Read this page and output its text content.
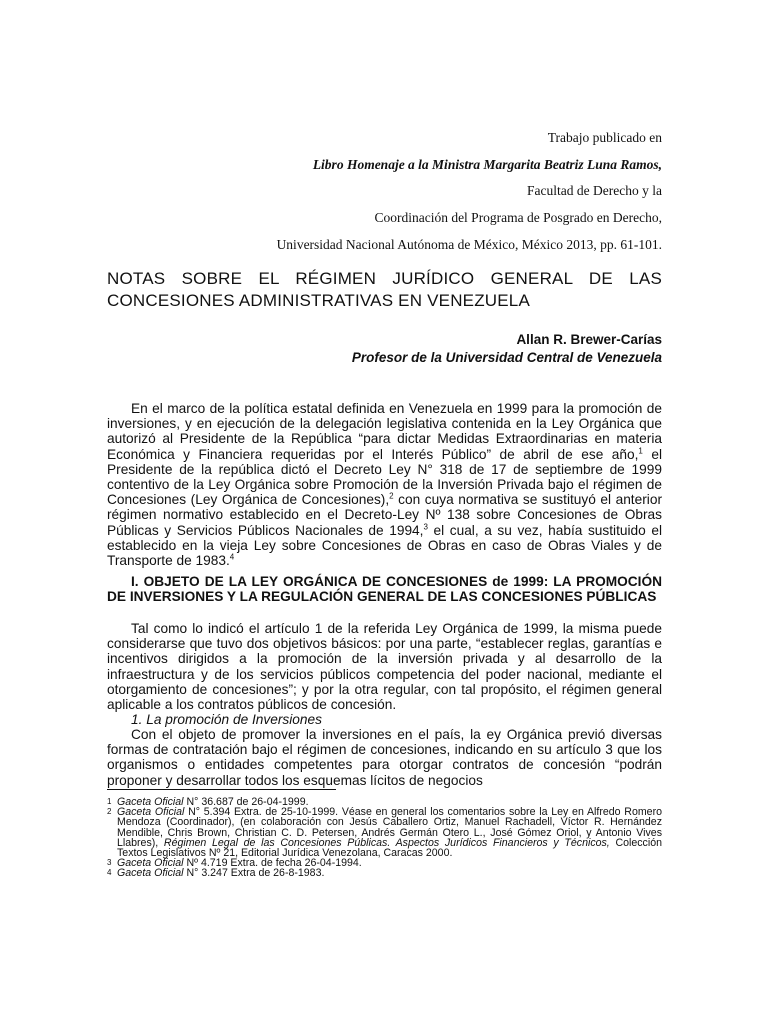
Trabajo publicado en
Libro Homenaje a la Ministra Margarita Beatriz Luna Ramos,
Facultad de Derecho y la
Coordinación del Programa de Posgrado en Derecho,
Universidad Nacional Autónoma de México, México 2013, pp. 61-101.
NOTAS SOBRE EL RÉGIMEN JURÍDICO GENERAL DE LAS CONCESIONES ADMINISTRATIVAS EN VENEZUELA
Allan R. Brewer-Carías
Profesor de la Universidad Central de Venezuela
En el marco de la política estatal definida en Venezuela en 1999 para la promoción de inversiones, y en ejecución de la delegación legislativa contenida en la Ley Orgánica que autorizó al Presidente de la República “para dictar Medidas Extraordinarias en materia Económica y Financiera requeridas por el Interés Público” de abril de ese año,$^1$ el Presidente de la república dictó el Decreto Ley N° 318 de 17 de septiembre de 1999 contentivo de la Ley Orgánica sobre Promoción de la Inversión Privada bajo el régimen de Concesiones (Ley Orgánica de Concesiones),$^2$ con cuya normativa se sustituyó el anterior régimen normativo establecido en el Decreto-Ley Nº 138 sobre Concesiones de Obras Públicas y Servicios Públicos Nacionales de 1994,$^3$ el cual, a su vez, había sustituido el establecido en la vieja Ley sobre Concesiones de Obras en caso de Obras Viales y de Transporte de 1983.$^4$
I. OBJETO DE LA LEY ORGÁNICA DE CONCESIONES de 1999: LA PROMOCIÓN DE INVERSIONES Y LA REGULACIÓN GENERAL DE LAS CONCESIONES PÚBLICAS
Tal como lo indicó el artículo 1 de la referida Ley Orgánica de 1999, la misma puede considerarse que tuvo dos objetivos básicos: por una parte, “establecer reglas, garantías e incentivos dirigidos a la promoción de la inversión privada y al desarrollo de la infraestructura y de los servicios públicos competencia del poder nacional, mediante el otorgamiento de concesiones”; y por la otra regular, con tal propósito, el régimen general aplicable a los contratos públicos de concesión.
1. La promoción de Inversiones
Con el objeto de promover la inversiones en el país, la ey Orgánica previó diversas formas de contratación bajo el régimen de concesiones, indicando en su artículo 3 que los organismos o entidades competentes para otorgar contratos de concesión “podrán proponer y desarrollar todos los esquemas lícitos de negocios
1 Gaceta Oficial N° 36.687 de 26-04-1999.
2 Gaceta Oficial N° 5.394 Extra. de 25-10-1999. Véase en general los comentarios sobre la Ley en Alfredo Romero Mendoza (Coordinador), (en colaboración con Jesús Caballero Ortiz, Manuel Rachadell, Víctor R. Hernández Mendible, Chris Brown, Christian C. D. Petersen, Andrés Germán Otero L., José Gómez Oriol, y Antonio Vives Llabres), Régimen Legal de las Concesiones Públicas. Aspectos Jurídicos Financieros y Técnicos, Colección Textos Legislativos Nº 21, Editorial Jurídica Venezolana, Caracas 2000.
3 Gaceta Oficial Nº 4.719 Extra. de fecha 26-04-1994.
4 Gaceta Oficial N° 3.247 Extra de 26-8-1983.
